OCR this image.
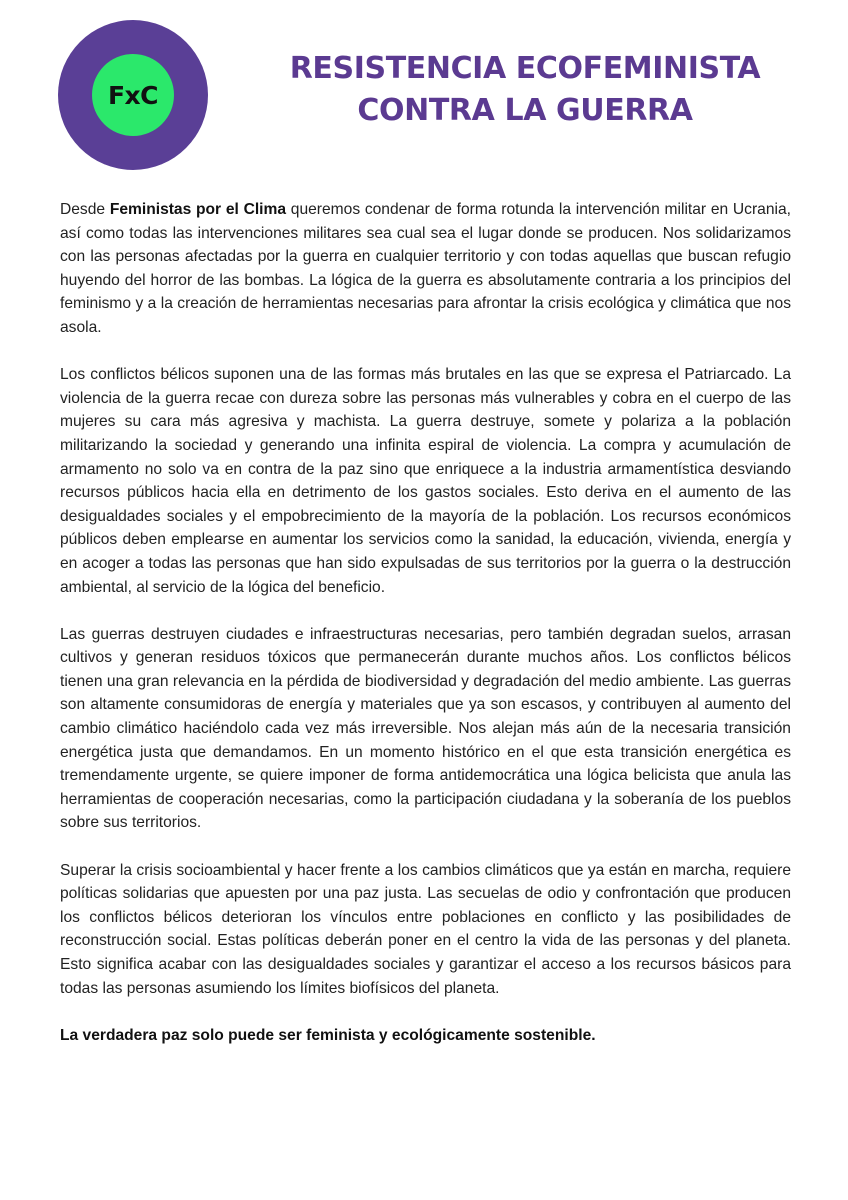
FxC
RESISTENCIA ECOFEMINISTA
CONTRA LA GUERRA

Desde Feministas por el Clima queremos condenar de forma rotunda la intervención militar en Ucrania, así como todas las intervenciones militares sea cual sea el lugar donde se producen. Nos solidarizamos con las personas afectadas por la guerra en cualquier territorio y con todas aquellas que buscan refugio huyendo del horror de las bombas. La lógica de la guerra es absolutamente contraria a los principios del feminismo y a la creación de herramientas necesarias para afrontar la crisis ecológica y climática que nos asola.

Los conflictos bélicos suponen una de las formas más brutales en las que se expresa el Patriarcado. La violencia de la guerra recae con dureza sobre las personas más vulnerables y cobra en el cuerpo de las mujeres su cara más agresiva y machista. La guerra destruye, somete y polariza a la población militarizando la sociedad y generando una infinita espiral de violencia. La compra y acumulación de armamento no solo va en contra de la paz sino que enriquece a la industria armamentística desviando recursos públicos hacia ella en detrimento de los gastos sociales. Esto deriva en el aumento de las desigualdades sociales y el empobrecimiento de la mayoría de la población. Los recursos económicos públicos deben emplearse en aumentar los servicios como la sanidad, la educación, vivienda, energía y en acoger a todas las personas que han sido expulsadas de sus territorios por la guerra o la destrucción ambiental, al servicio de la lógica del beneficio.

Las guerras destruyen ciudades e infraestructuras necesarias, pero también degradan suelos, arrasan cultivos y generan residuos tóxicos que permanecerán durante muchos años. Los conflictos bélicos tienen una gran relevancia en la pérdida de biodiversidad y degradación del medio ambiente. Las guerras son altamente consumidoras de energía y materiales que ya son escasos, y contribuyen al aumento del cambio climático haciéndolo cada vez más irreversible. Nos alejan más aún de la necesaria transición energética justa que demandamos. En un momento histórico en el que esta transición energética es tremendamente urgente, se quiere imponer de forma antidemocrática una lógica belicista que anula las herramientas de cooperación necesarias, como la participación ciudadana y la soberanía de los pueblos sobre sus territorios.

Superar la crisis socioambiental y hacer frente a los cambios climáticos que ya están en marcha, requiere políticas solidarias que apuesten por una paz justa. Las secuelas de odio y confrontación que producen los conflictos bélicos deterioran los vínculos entre poblaciones en conflicto y las posibilidades de reconstrucción social. Estas políticas deberán poner en el centro la vida de las personas y del planeta. Esto significa acabar con las desigualdades sociales y garantizar el acceso a los recursos básicos para todas las personas asumiendo los límites biofísicos del planeta.

La verdadera paz solo puede ser feminista y ecológicamente sostenible.
